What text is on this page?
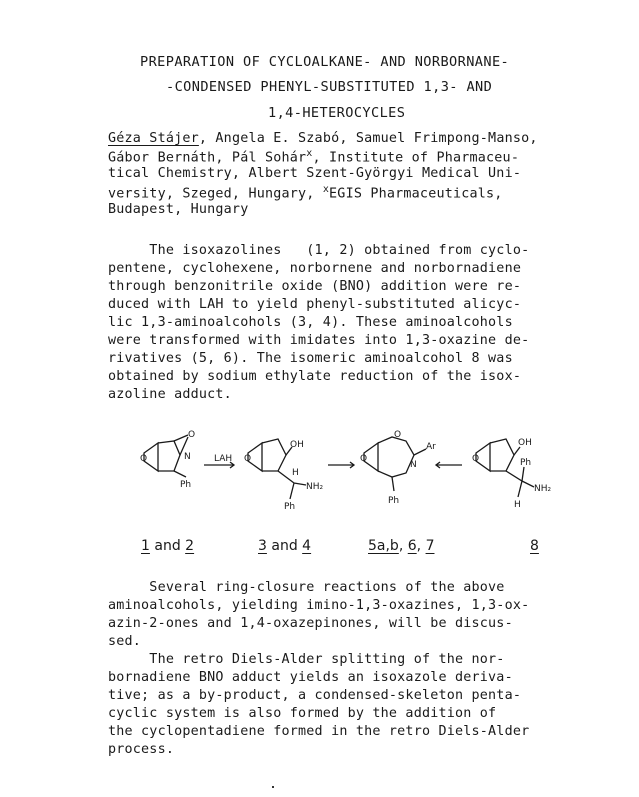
PREPARATION OF CYCLOALKANE- AND NORBORNANE-
-CONDENSED PHENYL-SUBSTITUTED 1,3- AND
1,4-HETEROCYCLES
Géza Stájer, Angela E. Szabó, Samuel Frimpong-Manso,
Gábor Bernáth, Pál Sohár$^x$, Institute of Pharmaceu-
tical Chemistry, Albert Szent-Györgyi Medical Uni-
versity, Szeged, Hungary, $^x$EGIS Pharmaceuticals,
Budapest, Hungary
The isoxazolines   (1, 2) obtained from cyclo-
pentene, cyclohexene, norbornene and norbornadiene
through benzonitrile oxide (BNO) addition were re-
duced with LAH to yield phenyl-substituted alicyc-
lic 1,3-aminoalcohols (3, 4). These aminoalcohols
were transformed with imidates into 1,3-oxazine de-
rivatives (5, 6). The isomeric aminoalcohol 8 was
obtained by sodium ethylate reduction of the isox-
azoline adduct.
O
O
N
Ph
LAH O
OH
H
NH₂
Ph
O
O
N
Ar
Ph
O
OH
Ph
NH₂
H
1 and 2	3 and 4	5a,b, 6, 7	8
Several ring-closure reactions of the above
aminoalcohols, yielding imino-1,3-oxazines, 1,3-ox-
azin-2-ones and 1,4-oxazepinones, will be discus-
sed.
The retro Diels-Alder splitting of the nor-
bornadiene BNO adduct yields an isoxazole deriva-
tive; as a by-product, a condensed-skeleton penta-
cyclic system is also formed by the addition of
the cyclopentadiene formed in the retro Diels-Alder
process.
